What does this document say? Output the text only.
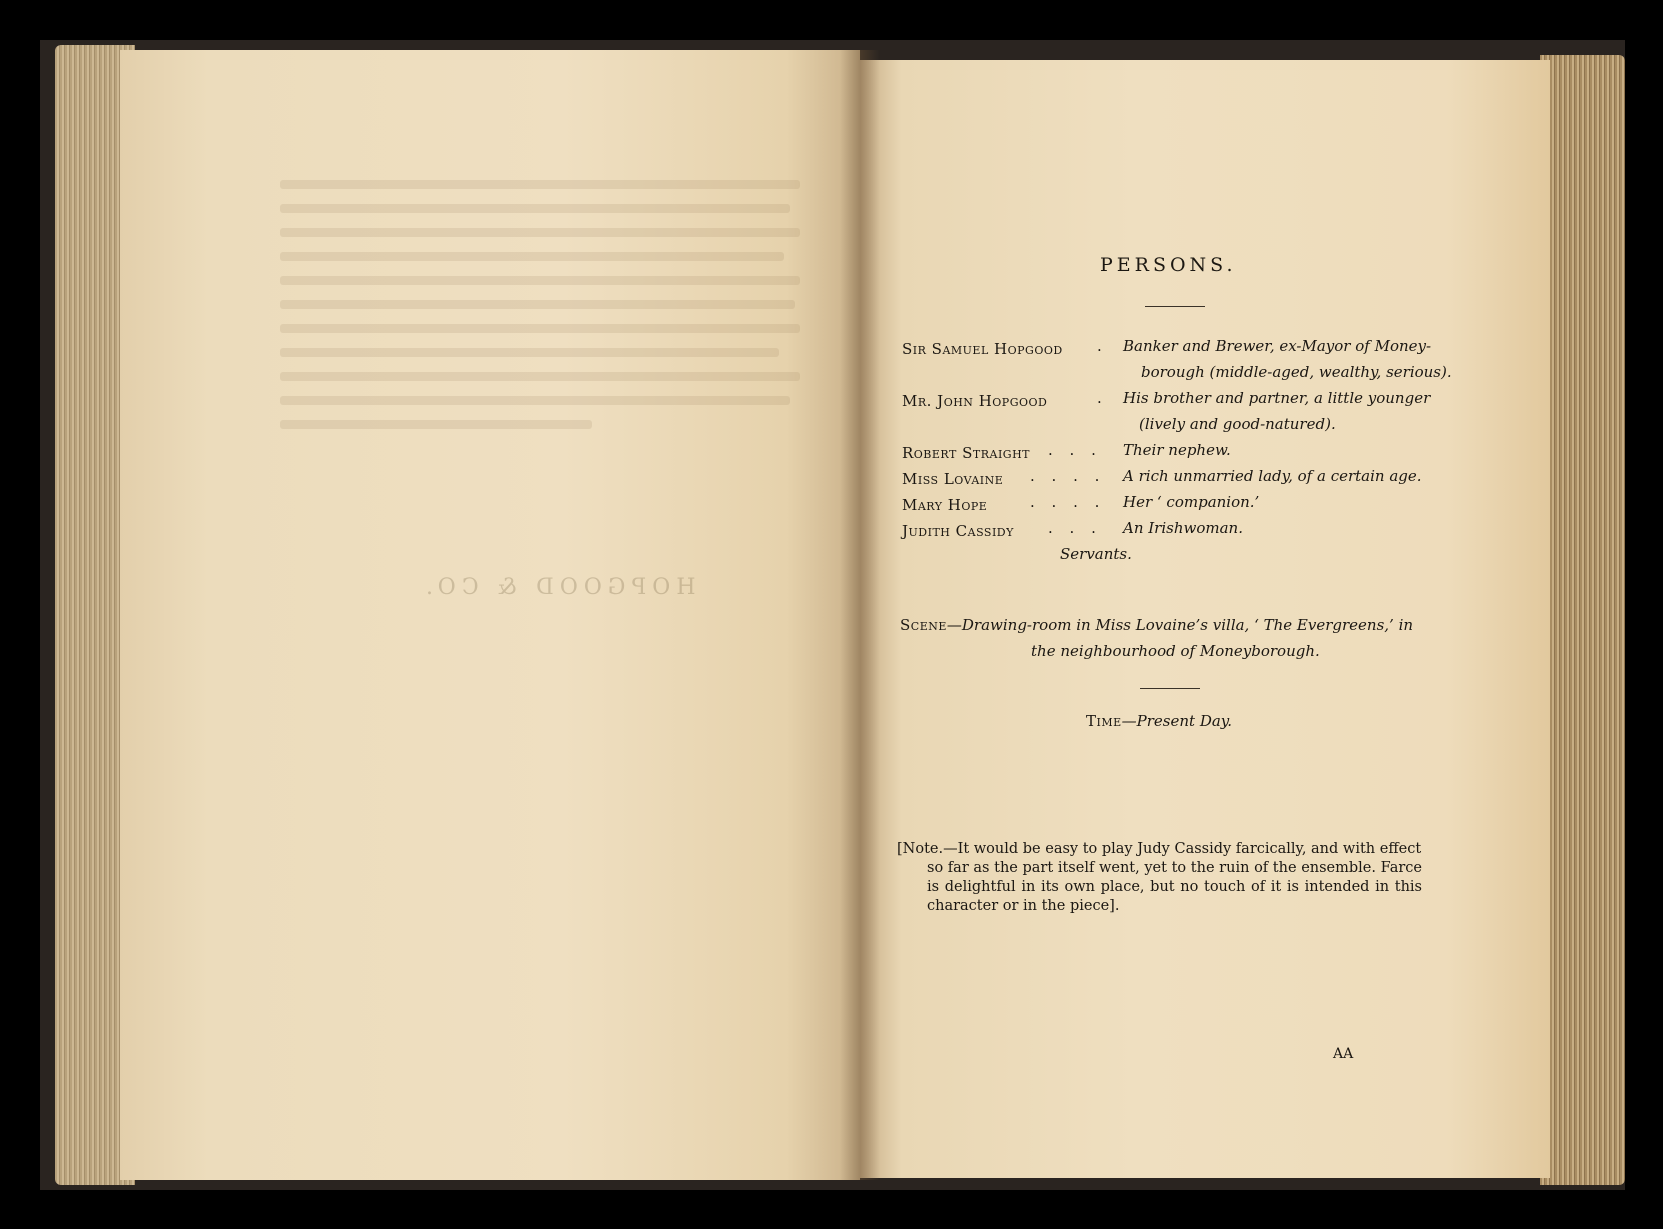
HOPGOOD & CO.
PERSONS.
Sir Samuel Hopgood . Banker and Brewer, ex-Mayor of Money-
borough (middle-aged, wealthy, serious).
Mr. John Hopgood	. His brother and partner, a little younger
(lively and good-natured).
Robert Straight . . . Their nephew.
Miss Lovaine . . . . A rich unmarried lady, of a certain age.
Mary Hope	. . . . Her ‘ companion.’
Judith Cassidy . . . An Irishwoman.
Servants.
Scene—Drawing-room in Miss Lovaine’s villa, ‘ The Evergreens,’ in
the neighbourhood of Moneyborough.
Time—Present Day.
[Note.—It would be easy to play Judy Cassidy farcically, and with effect
so far as the part itself went, yet to the ruin of the ensemble. Farce is delightful in its own place, but no touch of it is intended in this character or in the piece].
AA
